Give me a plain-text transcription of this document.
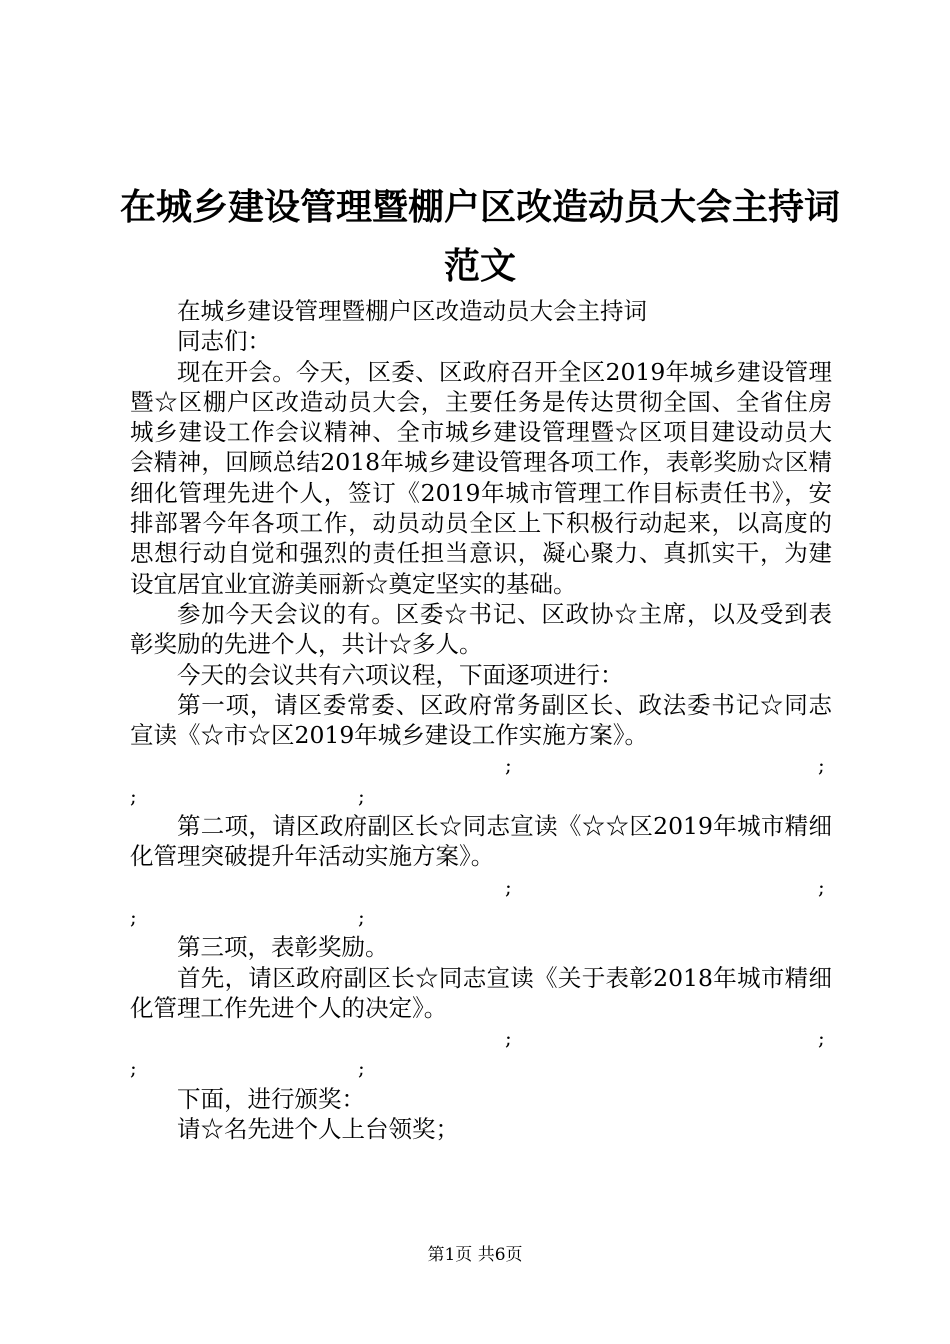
在城乡建设管理暨棚户区改造动员大会主持词
范文

在城乡建设管理暨棚户区改造动员大会主持词

同志们：

现在开会。今天，区委、区政府召开全区2019年城乡建设管理暨☆区棚户区改造动员大会，主要任务是传达贯彻全国、全省住房城乡建设工作会议精神、全市城乡建设管理暨☆区项目建设动员大会精神，回顾总结2018年城乡建设管理各项工作，表彰奖励☆区精细化管理先进个人，签订《2019年城市管理工作目标责任书》，安排部署今年各项工作，动员动员全区上下积极行动起来，以高度的思想行动自觉和强烈的责任担当意识，凝心聚力、真抓实干，为建设宜居宜业宜游美丽新☆奠定坚实的基础。

参加今天会议的有。区委☆书记、区政协☆主席，以及受到表彰奖励的先进个人，共计☆多人。

今天的会议共有六项议程，下面逐项进行：

第一项，请区委常委、区政府常务副区长、政法委书记☆同志宣读《☆市☆区2019年城乡建设工作实施方案》。

;	;
;	;

第二项，请区政府副区长☆同志宣读《☆☆区2019年城市精细化管理突破提升年活动实施方案》。

;	;
;	;

第三项，表彰奖励。

首先，请区政府副区长☆同志宣读《关于表彰2018年城市精细化管理工作先进个人的决定》。

;	;
;	;

下面，进行颁奖：

请☆名先进个人上台领奖；

第1页 共6页
